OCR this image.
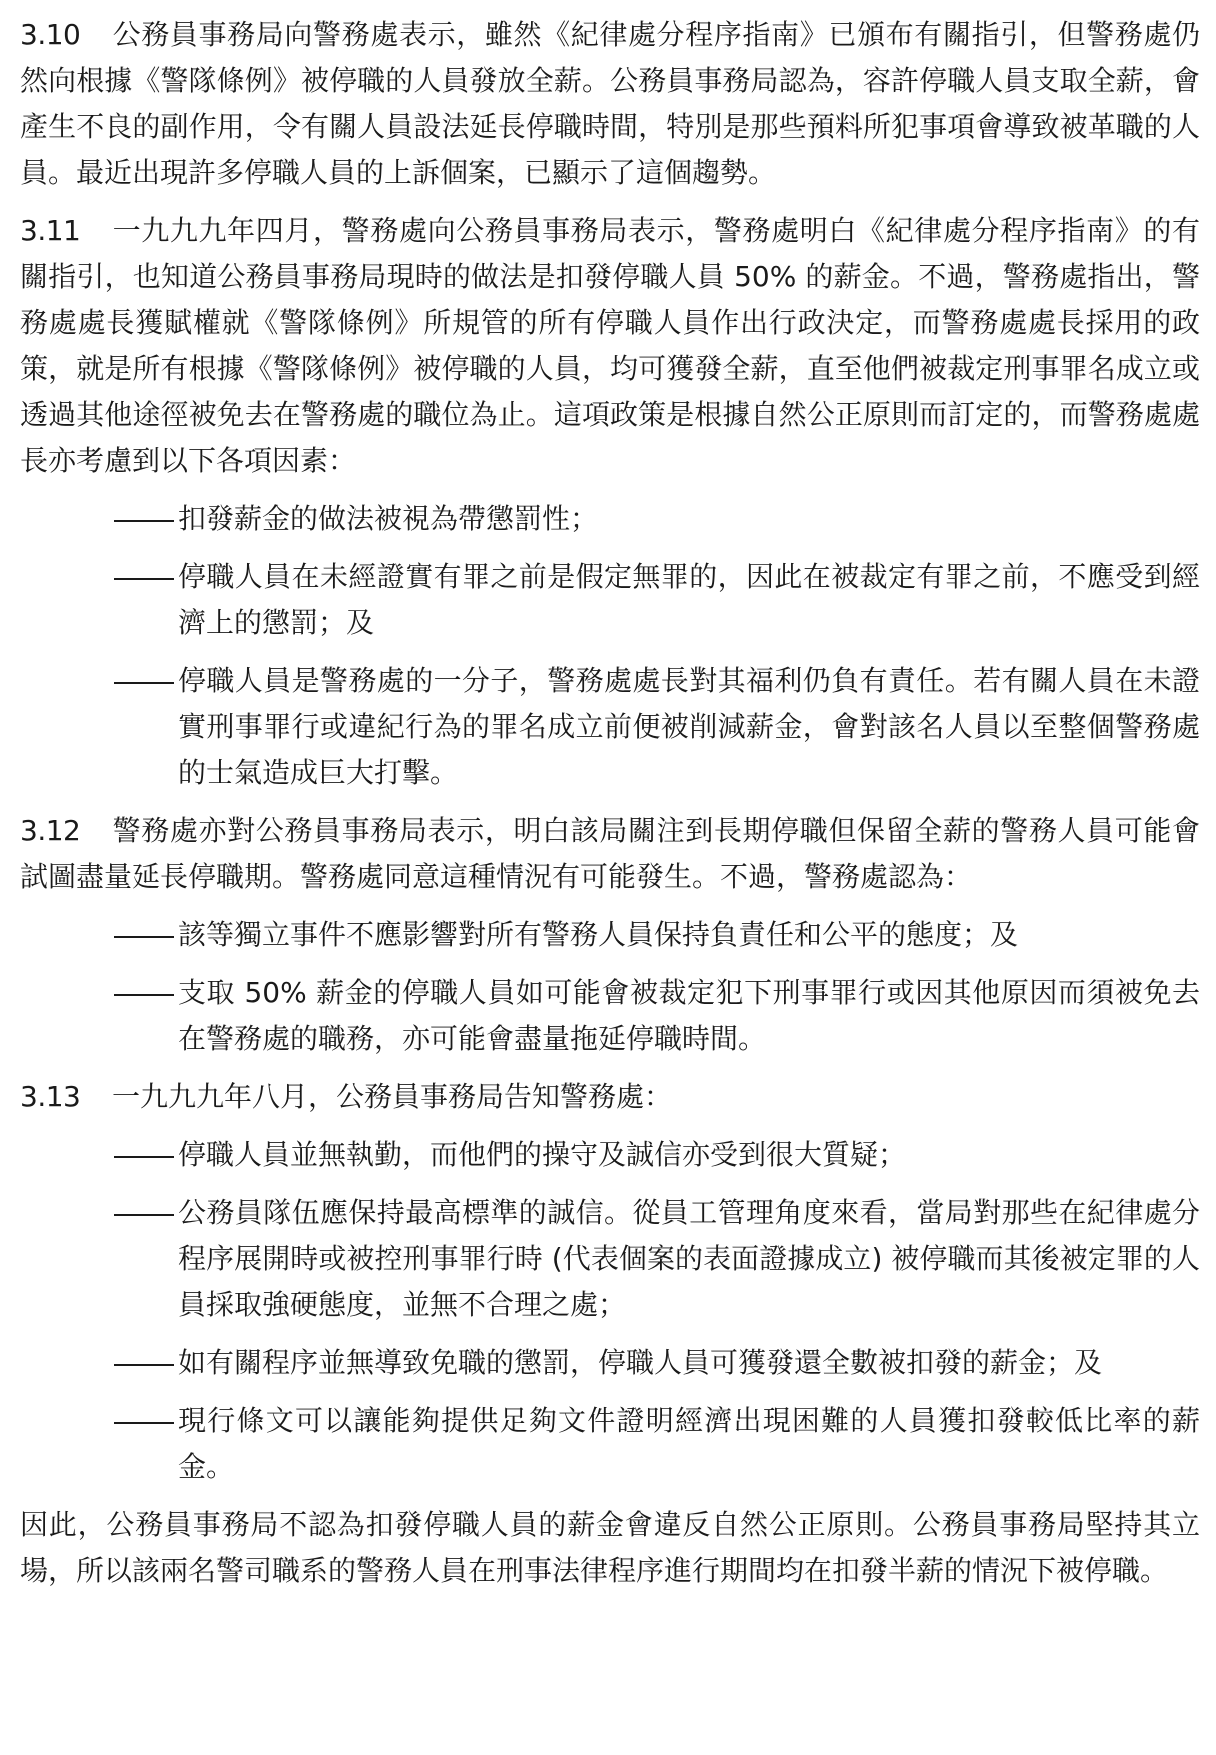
3.10 公務員事務局向警務處表示，雖然《紀律處分程序指南》已頒布有關指引，但警務處仍然向根據《警隊條例》被停職的人員發放全薪。公務員事務局認為，容許停職人員支取全薪，會產生不良的副作用，令有關人員設法延長停職時間，特別是那些預料所犯事項會導致被革職的人員。最近出現許多停職人員的上訴個案，已顯示了這個趨勢。

3.11 一九九九年四月，警務處向公務員事務局表示，警務處明白《紀律處分程序指南》的有關指引，也知道公務員事務局現時的做法是扣發停職人員 50% 的薪金。不過，警務處指出，警務處處長獲賦權就《警隊條例》所規管的所有停職人員作出行政決定，而警務處處長採用的政策，就是所有根據《警隊條例》被停職的人員，均可獲發全薪，直至他們被裁定刑事罪名成立或透過其他途徑被免去在警務處的職位為止。這項政策是根據自然公正原則而訂定的，而警務處處長亦考慮到以下各項因素：

扣發薪金的做法被視為帶懲罰性；
停職人員在未經證實有罪之前是假定無罪的，因此在被裁定有罪之前，不應受到經濟上的懲罰；及
停職人員是警務處的一分子，警務處處長對其福利仍負有責任。若有關人員在未證實刑事罪行或違紀行為的罪名成立前便被削減薪金，會對該名人員以至整個警務處的士氣造成巨大打擊。

3.12 警務處亦對公務員事務局表示，明白該局關注到長期停職但保留全薪的警務人員可能會試圖盡量延長停職期。警務處同意這種情況有可能發生。不過，警務處認為：

該等獨立事件不應影響對所有警務人員保持負責任和公平的態度；及
支取 50% 薪金的停職人員如可能會被裁定犯下刑事罪行或因其他原因而須被免去在警務處的職務，亦可能會盡量拖延停職時間。

3.13 一九九九年八月，公務員事務局告知警務處：

停職人員並無執勤，而他們的操守及誠信亦受到很大質疑；
公務員隊伍應保持最高標準的誠信。從員工管理角度來看，當局對那些在紀律處分程序展開時或被控刑事罪行時 (代表個案的表面證據成立) 被停職而其後被定罪的人員採取強硬態度，並無不合理之處；
如有關程序並無導致免職的懲罰，停職人員可獲發還全數被扣發的薪金；及
現行條文可以讓能夠提供足夠文件證明經濟出現困難的人員獲扣發較低比率的薪金。

因此，公務員事務局不認為扣發停職人員的薪金會違反自然公正原則。公務員事務局堅持其立場，所以該兩名警司職系的警務人員在刑事法律程序進行期間均在扣發半薪的情況下被停職。
